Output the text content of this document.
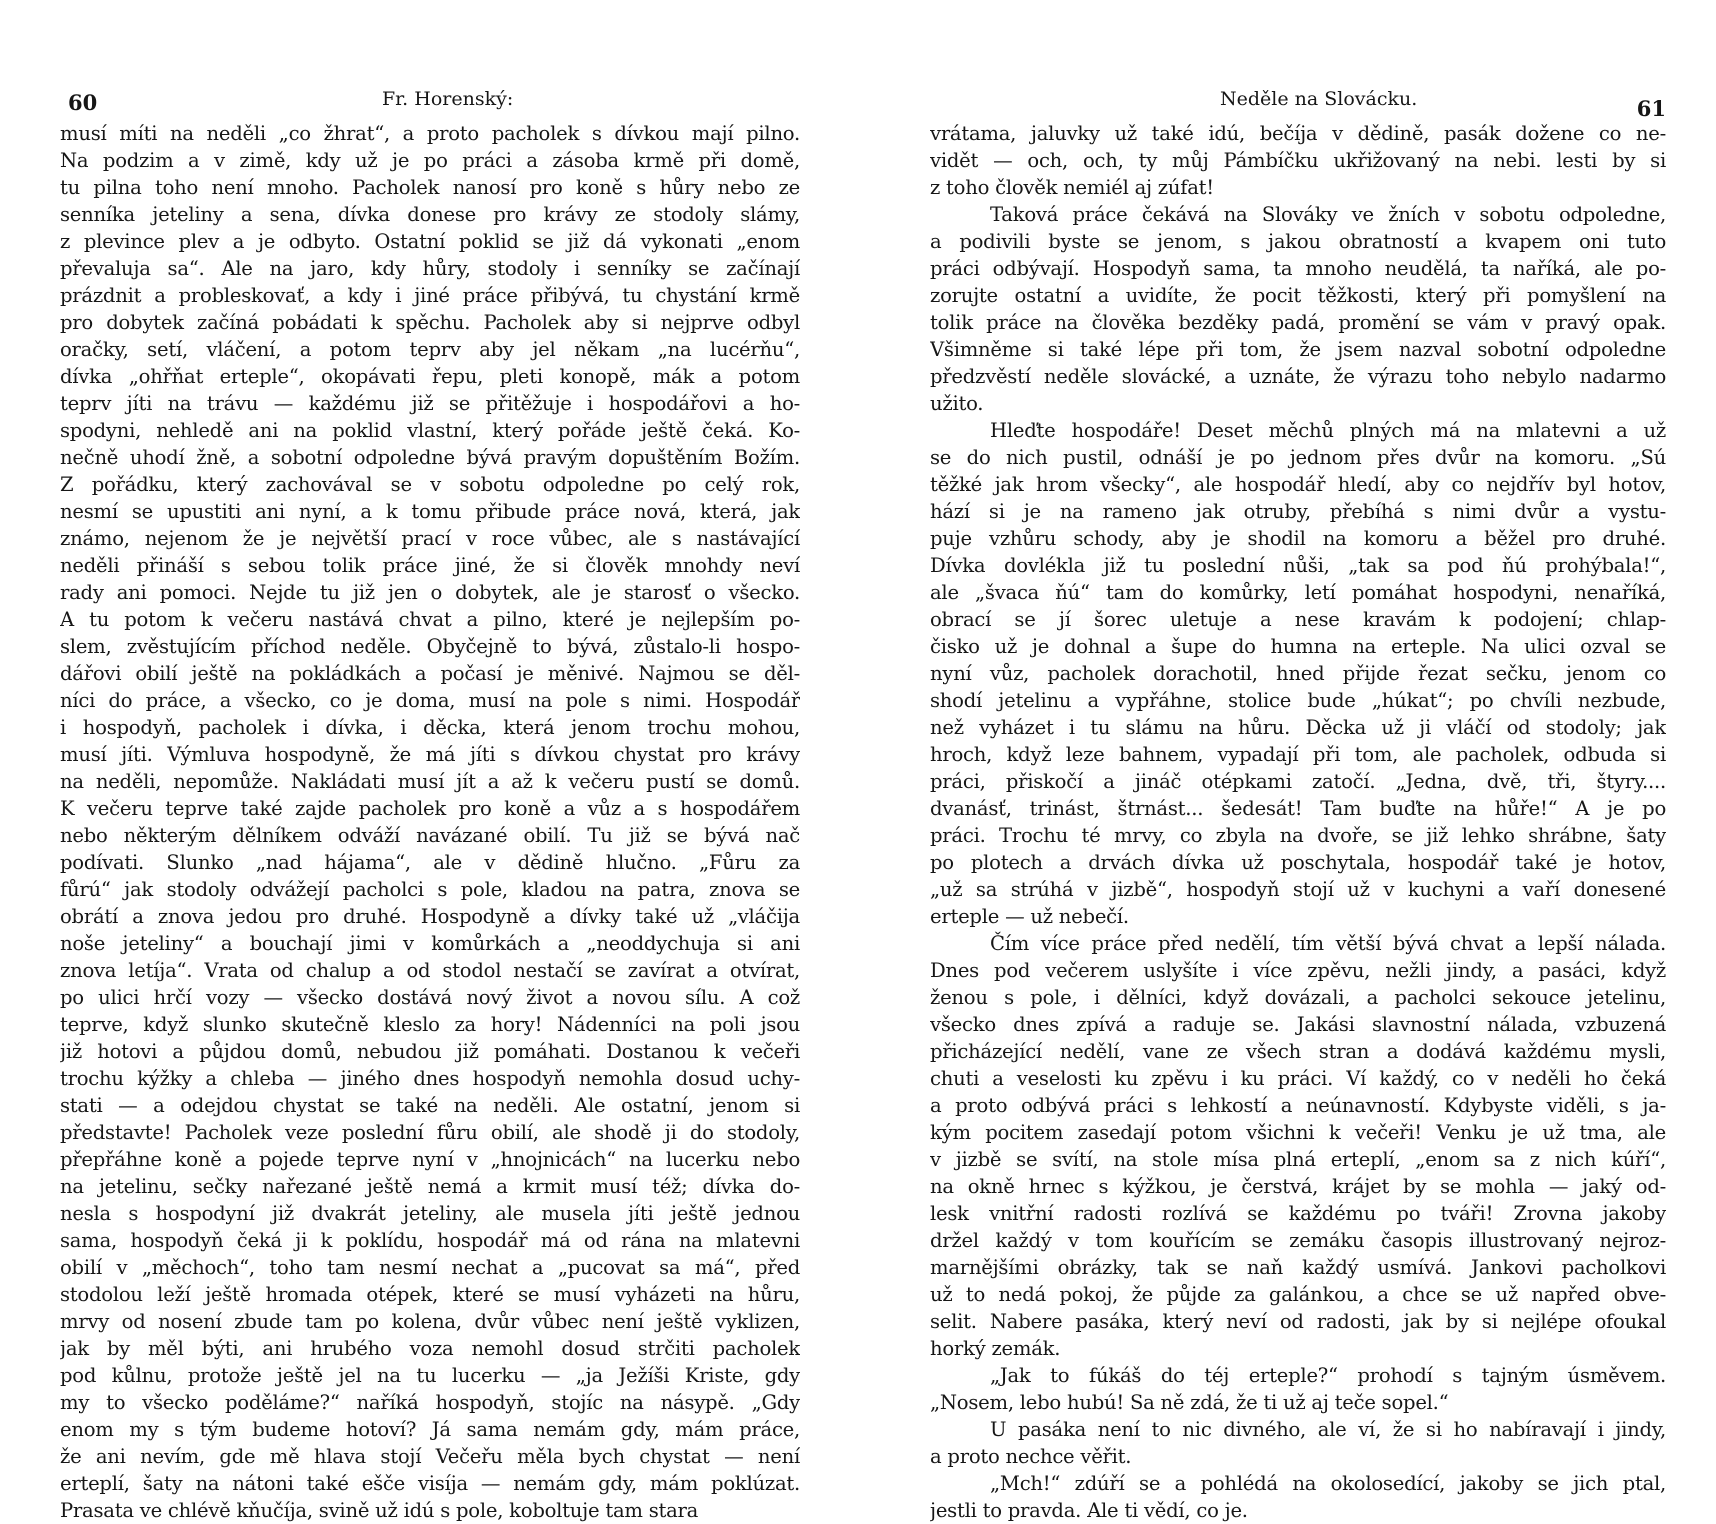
60	Fr. Horenský:
musí míti na neděli „co žhrat“, a proto pacholek s dívkou mají pilno.
Na podzim a v zimě, kdy už je po práci a zásoba krmě při domě,
tu pilna toho není mnoho. Pacholek nanosí pro koně s hůry nebo ze
senníka jeteliny a sena, dívka donese pro krávy ze stodoly slámy,
z plevince plev a je odbyto. Ostatní poklid se již dá vykonati „enom
převaluja sa“. Ale na jaro, kdy hůry, stodoly i senníky se začínají
prázdnit a probleskovať, a kdy i jiné práce přibývá, tu chystání krmě
pro dobytek začíná pobádati k spěchu. Pacholek aby si nejprve odbyl
oračky, setí, vláčení, a potom teprv aby jel někam „na lucérňu“,
dívka „ohřňat erteple“, okopávati řepu, pleti konopě, mák a potom
teprv jíti na trávu — každému již se přitěžuje i hospodářovi a ho-
spodyni, nehledě ani na poklid vlastní, který pořáde ještě čeká. Ko-
nečně uhodí žně, a sobotní odpoledne bývá pravým dopuštěním Božím.
Z pořádku, který zachovával se v sobotu odpoledne po celý rok,
nesmí se upustiti ani nyní, a k tomu přibude práce nová, která, jak
známo, nejenom že je největší prací v roce vůbec, ale s nastávající
neděli přináší s sebou tolik práce jiné, že si člověk mnohdy neví
rady ani pomoci. Nejde tu již jen o dobytek, ale je starosť o všecko.
A tu potom k večeru nastává chvat a pilno, které je nejlepším po-
slem, zvěstujícím příchod neděle. Obyčejně to bývá, zůstalo-li hospo-
dářovi obilí ještě na pokládkách a počasí je měnivé. Najmou se děl-
níci do práce, a všecko, co je doma, musí na pole s nimi. Hospodář
i hospodyň, pacholek i dívka, i děcka, která jenom trochu mohou,
musí jíti. Výmluva hospodyně, že má jíti s dívkou chystat pro krávy
na neděli, nepomůže. Nakládati musí jít a až k večeru pustí se domů.
K večeru teprve také zajde pacholek pro koně a vůz a s hospodářem
nebo některým dělníkem odváží navázané obilí. Tu již se bývá nač
podívati. Slunko „nad hájama“, ale v dědině hlučno. „Fůru za
fůrú“ jak stodoly odvážejí pacholci s pole, kladou na patra, znova se
obrátí a znova jedou pro druhé. Hospodyně a dívky také už „vláčija
noše jeteliny“ a bouchají jimi v komůrkách a „neoddychuja si ani
znova letíja“. Vrata od chalup a od stodol nestačí se zavírat a otvírat,
po ulici hrčí vozy — všecko dostává nový život a novou sílu. A což
teprve, když slunko skutečně kleslo za hory! Nádenníci na poli jsou
již hotovi a půjdou domů, nebudou již pomáhati. Dostanou k večeři
trochu kýžky a chleba — jiného dnes hospodyň nemohla dosud uchy-
stati — a odejdou chystat se také na neděli. Ale ostatní, jenom si
představte! Pacholek veze poslední fůru obilí, ale shodě ji do stodoly,
přepřáhne koně a pojede teprve nyní v „hnojnicách“ na lucerku nebo
na jetelinu, sečky nařezané ještě nemá a krmit musí též; dívka do-
nesla s hospodyní již dvakrát jeteliny, ale musela jíti ještě jednou
sama, hospodyň čeká ji k poklídu, hospodář má od rána na mlatevni
obilí v „měchoch“, toho tam nesmí nechat a „pucovat sa má“, před
stodolou leží ještě hromada otépek, které se musí vyházeti na hůru,
mrvy od nosení zbude tam po kolena, dvůr vůbec není ještě vyklizen,
jak by měl býti, ani hrubého voza nemohl dosud strčiti pacholek
pod kůlnu, protože ještě jel na tu lucerku — „ja Ježíši Kriste, gdy
my to všecko poděláme?“ naříká hospodyň, stojíc na násypě. „Gdy
enom my s tým budeme hotoví? Já sama nemám gdy, mám práce,
že ani nevím, gde mě hlava stojí Večeřu měla bych chystat — není
erteplí, šaty na nátoni také ešče visíja — nemám gdy, mám poklúzat.
Prasata ve chlévě kňučíja, svině už idú s pole, koboltuje tam stara
Neděle na Slovácku.	61
vrátama, jaluvky už také idú, bečíja v dědině, pasák dožene co ne-
vidět — och, och, ty můj Pámbíčku ukřižovaný na nebi. lesti by si
z toho člověk nemiél aj zúfat!
Taková práce čekává na Slováky ve žních v sobotu odpoledne,
a podivili byste se jenom, s jakou obratností a kvapem oni tuto
práci odbývají. Hospodyň sama, ta mnoho neudělá, ta naříká, ale po-
zorujte ostatní a uvidíte, že pocit těžkosti, který při pomyšlení na
tolik práce na člověka bezděky padá, promění se vám v pravý opak.
Všimněme si také lépe při tom, že jsem nazval sobotní odpoledne
předzvěstí neděle slovácké, a uznáte, že výrazu toho nebylo nadarmo
užito.
Hleďte hospodáře! Deset měchů plných má na mlatevni a už
se do nich pustil, odnáší je po jednom přes dvůr na komoru. „Sú
těžké jak hrom všecky“, ale hospodář hledí, aby co nejdřív byl hotov,
hází si je na rameno jak otruby, přebíhá s nimi dvůr a vystu-
puje vzhůru schody, aby je shodil na komoru a běžel pro druhé.
Dívka dovlékla již tu poslední nůši, „tak sa pod ňú prohýbala!“,
ale „švaca ňú“ tam do komůrky, letí pomáhat hospodyni, nenaříká,
obrací se jí šorec uletuje a nese kravám k podojení; chlap-
čisko už je dohnal a šupe do humna na erteple. Na ulici ozval se
nyní vůz, pacholek dorachotil, hned přijde řezat sečku, jenom co
shodí jetelinu a vypřáhne, stolice bude „húkat“; po chvíli nezbude,
než vyházet i tu slámu na hůru. Děcka už ji vláčí od stodoly; jak
hroch, když leze bahnem, vypadají při tom, ale pacholek, odbuda si
práci, přiskočí a jináč otépkami zatočí. „Jedna, dvě, tři, štyry....
dvanásť, trinást, štrnást... šedesát! Tam buďte na hůře!“ A je po
práci. Trochu té mrvy, co zbyla na dvoře, se již lehko shrábne, šaty
po plotech a drvách dívka už poschytala, hospodář také je hotov,
„už sa strúhá v jizbě“, hospodyň stojí už v kuchyni a vaří donesené
erteple — už nebečí.
Čím více práce před nedělí, tím větší bývá chvat a lepší nálada.
Dnes pod večerem uslyšíte i více zpěvu, nežli jindy, a pasáci, když
ženou s pole, i dělníci, když dovázali, a pacholci sekouce jetelinu,
všecko dnes zpívá a raduje se. Jakási slavnostní nálada, vzbuzená
přicházející nedělí, vane ze všech stran a dodává každému mysli,
chuti a veselosti ku zpěvu i ku práci. Ví každý, co v neděli ho čeká
a proto odbývá práci s lehkostí a neúnavností. Kdybyste viděli, s ja-
kým pocitem zasedají potom všichni k večeři! Venku je už tma, ale
v jizbě se svítí, na stole mísa plná erteplí, „enom sa z nich kúří“,
na okně hrnec s kýžkou, je čerstvá, krájet by se mohla — jaký od-
lesk vnitřní radosti rozlívá se každému po tváři! Zrovna jakoby
držel každý v tom kouřícím se zemáku časopis illustrovaný nejroz-
marnějšími obrázky, tak se naň každý usmívá. Jankovi pacholkovi
už to nedá pokoj, že půjde za galánkou, a chce se už napřed obve-
selit. Nabere pasáka, který neví od radosti, jak by si nejlépe ofoukal
horký zemák.
„Jak to fúkáš do téj erteple?“ prohodí s tajným úsměvem.
„Nosem, lebo hubú! Sa ně zdá, že ti už aj teče sopel.“
U pasáka není to nic divného, ale ví, že si ho nabíravají i jindy,
a proto nechce věřit.
„Mch!“ zdúří se a pohlédá na okolosedící, jakoby se jich ptal,
jestli to pravda. Ale ti vědí, co je.
